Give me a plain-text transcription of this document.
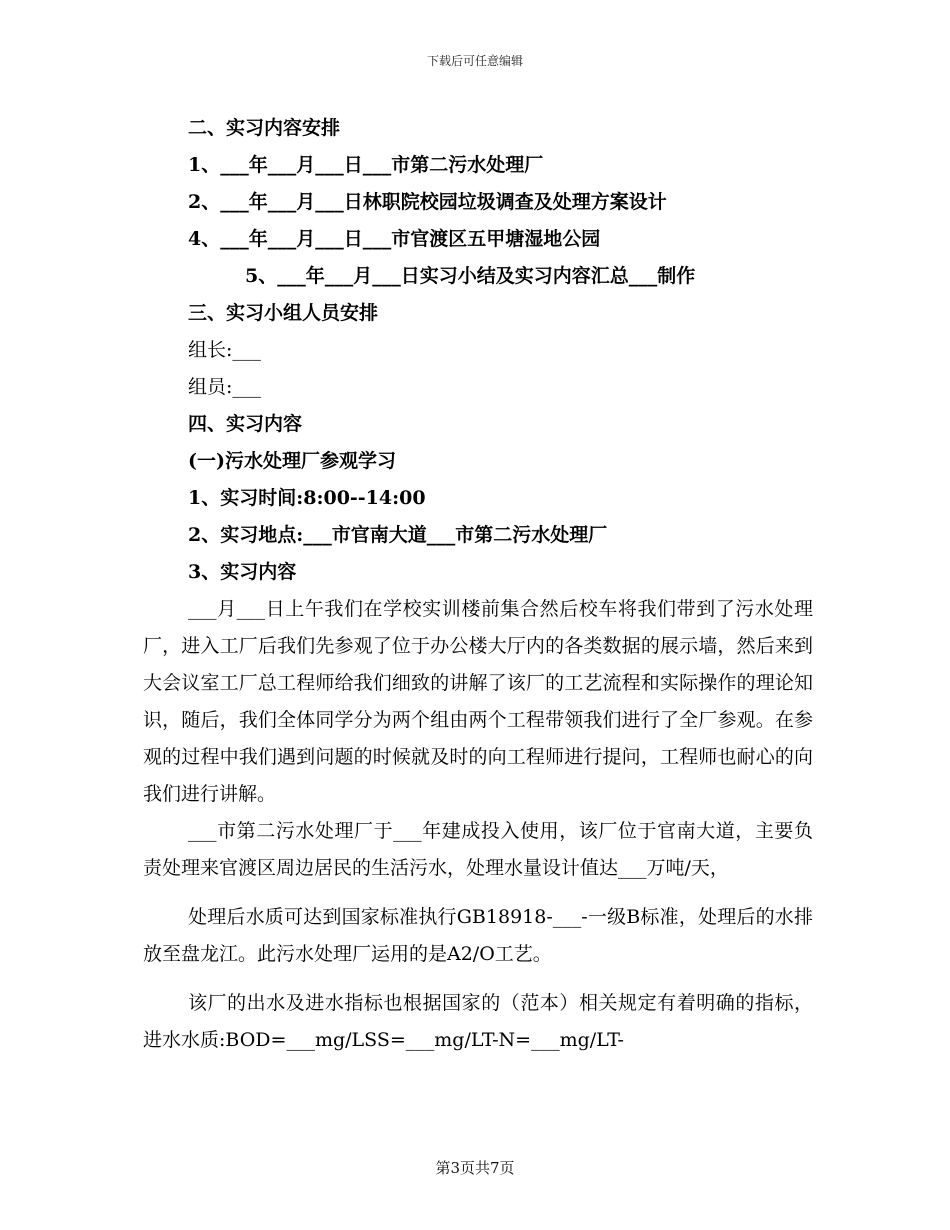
下载后可任意编辑
二、实习内容安排
1、___年___月___日___市第二污水处理厂
2、___年___月___日林职院校园垃圾调查及处理方案设计
4、___年___月___日___市官渡区五甲塘湿地公园
5、___年___月___日实习小结及实习内容汇总___制作
三、实习小组人员安排
组长:___
组员:___
四、实习内容
(一)污水处理厂参观学习
1、实习时间:8:00--14:00
2、实习地点:___市官南大道___市第二污水处理厂
3、实习内容

___月___日上午我们在学校实训楼前集合然后校车将我们带到了污水处理厂，进入工厂后我们先参观了位于办公楼大厅内的各类数据的展示墙，然后来到大会议室工厂总工程师给我们细致的讲解了该厂的工艺流程和实际操作的理论知识，随后，我们全体同学分为两个组由两个工程带领我们进行了全厂参观。在参观的过程中我们遇到问题的时候就及时的向工程师进行提问，工程师也耐心的向我们进行讲解。

___市第二污水处理厂于___年建成投入使用，该厂位于官南大道，主要负责处理来官渡区周边居民的生活污水，处理水量设计值达___万吨/天，

处理后水质可达到国家标准执行GB18918-___-一级B标准，处理后的水排放至盘龙江。此污水处理厂运用的是A2/O工艺。

该厂的出水及进水指标也根据国家的（范本）相关规定有着明确的指标，进水水质:BOD=___mg/LSS=___mg/LT-N=___mg/LT-

第3页共7页
